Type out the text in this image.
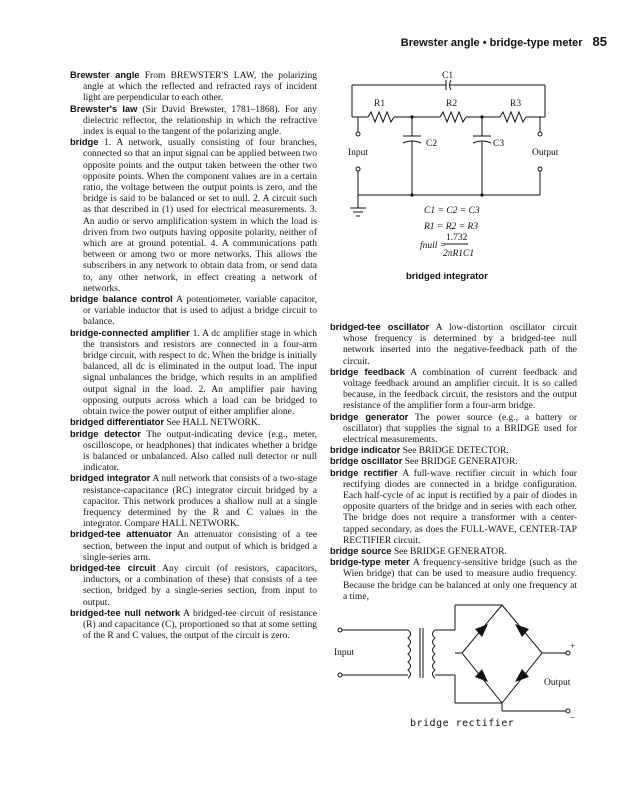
Brewster angle • bridge-type meter 85

Brewster angle From BREWSTER'S LAW, the polarizing angle at which the reflected and refracted rays of incident light are perpendicular to each other.

Brewster's law (Sir David Brewster, 1781–1868). For any dielectric reflector, the relationship in which the refractive index is equal to the tangent of the polarizing angle.

bridge 1. A network, usually consisting of four branches, connected so that an input signal can be applied between two opposite points and the output taken between the other two opposite points. When the component values are in a certain ratio, the voltage between the output points is zero, and the bridge is said to be balanced or set to null. 2. A circuit such as that described in (1) used for electrical measurements. 3. An audio or servo amplification system in which the load is driven from two outputs having opposite polarity, neither of which are at ground potential. 4. A communications path between or among two or more networks. This allows the subscribers in any network to obtain data from, or send data to, any other network, in effect creating a network of networks.

bridge balance control A potentiometer, variable capacitor, or variable inductor that is used to adjust a bridge circuit to balance.

bridge-connected amplifier 1. A dc amplifier stage in which the transistors and resistors are connected in a four-arm bridge circuit, with respect to dc. When the bridge is initially balanced, all dc is eliminated in the output load. The input signal unbalances the bridge, which results in an amplified output signal in the load. 2. An amplifier pair having opposing outputs across which a load can be bridged to obtain twice the power output of either amplifier alone.

bridged differentiator See HALL NETWORK.

bridge detector The output-indicating device (e.g., meter, oscilloscope, or headphones) that indicates whether a bridge is balanced or unbalanced. Also called null detector or null indicator.

bridged integrator A null network that consists of a two-stage resistance-capacitance (RC) integrator circuit bridged by a capacitor. This network produces a shallow null at a single frequency determined by the R and C values in the integrator. Compare HALL NETWORK.

bridged-tee attenuator An attenuator consisting of a tee section, between the input and output of which is bridged a single-series arm.

bridged-tee circuit Any circuit (of resistors, capacitors, inductors, or a combination of these) that consists of a tee section, bridged by a single-series section, from input to output.

bridged-tee null network A bridged-tee circuit of resistance (R) and capacitance (C), proportioned so that at some setting of the R and C values, the output of the circuit is zero.

bridged-tee oscillator A low-distortion oscillator circuit whose frequency is determined by a bridged-tee null network inserted into the negative-feedback path of the circuit.

bridge feedback A combination of current feedback and voltage feedback around an amplifier circuit. It is so called because, in the feedback circuit, the resistors and the output resistance of the amplifier form a four-arm bridge.

bridge generator The power source (e.g., a battery or oscillator) that supplies the signal to a BRIDGE used for electrical measurements.

bridge indicator See BRIDGE DETECTOR.

bridge oscillator See BRIDGE GENERATOR.

bridge rectifier A full-wave rectifier circuit in which four rectifying diodes are connected in a bridge configuration. Each half-cycle of ac input is rectified by a pair of diodes in opposite quarters of the bridge and in series with each other. The bridge does not require a transformer with a center-tapped secondary, as does the FULL-WAVE, CENTER-TAP RECTIFIER circuit.

bridge source See BRIDGE GENERATOR.

bridge-type meter A frequency-sensitive bridge (such as the Wien bridge) that can be used to measure audio frequency. Because the bridge can be balanced at only one frequency at a time,

C1
R1	R2	R3
C2	C3
Input	Output
C1 = C2 = C3
R1 = R2 = R3
fnull =
1.732
2πR1C1
bridged integrator
Input
Output
+
−
bridge rectifier
